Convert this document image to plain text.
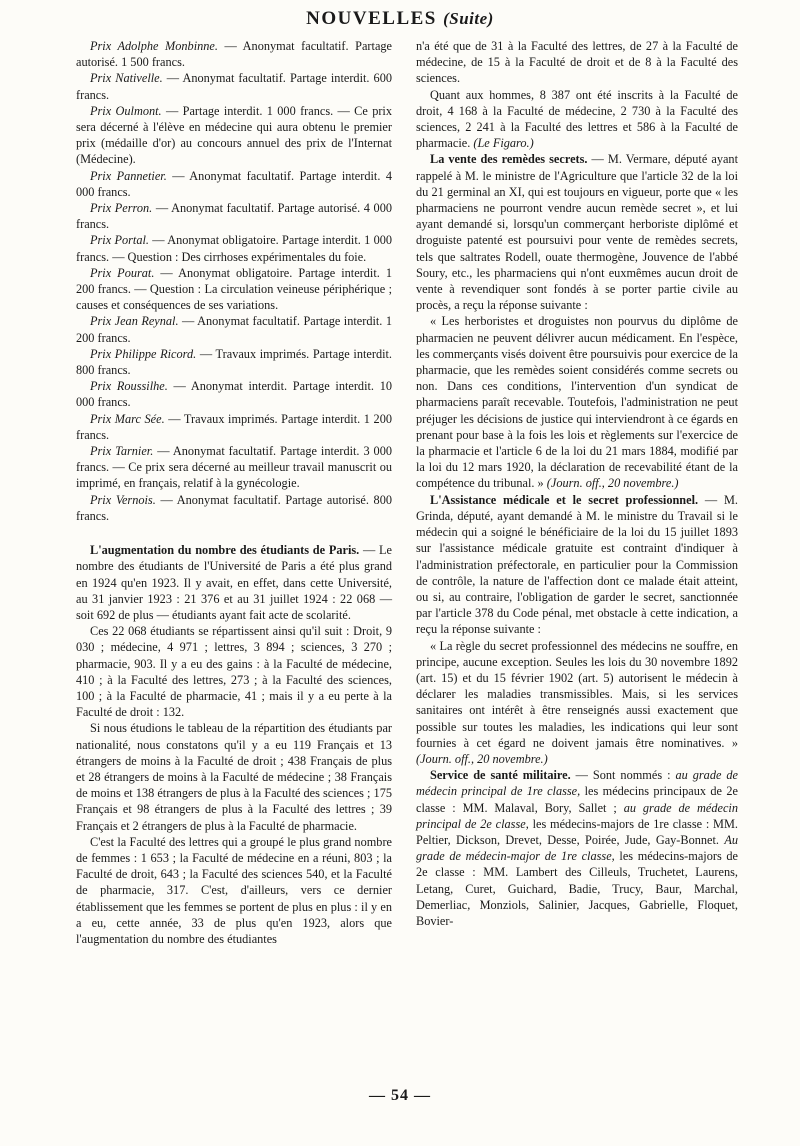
NOUVELLES (Suite)

Prix Adolphe Monbinne. — Anonymat facultatif. Partage autorisé. 1 500 francs.

Prix Nativelle. — Anonymat facultatif. Partage interdit. 600 francs.

Prix Oulmont. — Partage interdit. 1 000 francs. — Ce prix sera décerné à l'élève en médecine qui aura obtenu le premier prix (médaille d'or) au concours annuel des prix de l'Internat (Médecine).

Prix Pannetier. — Anonymat facultatif. Partage interdit. 4 000 francs.

Prix Perron. — Anonymat facultatif. Partage autorisé. 4 000 francs.

Prix Portal. — Anonymat obligatoire. Partage interdit. 1 000 francs. — Question : Des cirrhoses expérimentales du foie.

Prix Pourat. — Anonymat obligatoire. Partage interdit. 1 200 francs. — Question : La circulation veineuse périphérique ; causes et conséquences de ses variations.

Prix Jean Reynal. — Anonymat facultatif. Partage interdit. 1 200 francs.

Prix Philippe Ricord. — Travaux imprimés. Partage interdit. 800 francs.

Prix Roussilhe. — Anonymat interdit. Partage interdit. 10 000 francs.

Prix Marc Sée. — Travaux imprimés. Partage interdit. 1 200 francs.

Prix Tarnier. — Anonymat facultatif. Partage interdit. 3 000 francs. — Ce prix sera décerné au meilleur travail manuscrit ou imprimé, en français, relatif à la gynécologie.

Prix Vernois. — Anonymat facultatif. Partage autorisé. 800 francs.

L'augmentation du nombre des étudiants de Paris. — Le nombre des étudiants de l'Université de Paris a été plus grand en 1924 qu'en 1923. Il y avait, en effet, dans cette Université, au 31 janvier 1923 : 21 376 et au 31 juillet 1924 : 22 068 — soit 692 de plus — étudiants ayant fait acte de scolarité.

Ces 22 068 étudiants se répartissent ainsi qu'il suit : Droit, 9 030 ; médecine, 4 971 ; lettres, 3 894 ; sciences, 3 270 ; pharmacie, 903. Il y a eu des gains : à la Faculté de médecine, 410 ; à la Faculté des lettres, 273 ; à la Faculté des sciences, 100 ; à la Faculté de pharmacie, 41 ; mais il y a eu perte à la Faculté de droit : 132.

Si nous étudions le tableau de la répartition des étudiants par nationalité, nous constatons qu'il y a eu 119 Français et 13 étrangers de moins à la Faculté de droit ; 438 Français de plus et 28 étrangers de moins à la Faculté de médecine ; 38 Français de moins et 138 étrangers de plus à la Faculté des sciences ; 175 Français et 98 étrangers de plus à la Faculté des lettres ; 39 Français et 2 étrangers de plus à la Faculté de pharmacie.

C'est la Faculté des lettres qui a groupé le plus grand nombre de femmes : 1 653 ; la Faculté de médecine en a réuni, 803 ; la Faculté de droit, 643 ; la Faculté des sciences 540, et la Faculté de pharmacie, 317. C'est, d'ailleurs, vers ce dernier établissement que les femmes se portent de plus en plus : il y en a eu, cette année, 33 de plus qu'en 1923, alors que l'augmentation du nombre des étudiantes

n'a été que de 31 à la Faculté des lettres, de 27 à la Faculté de médecine, de 15 à la Faculté de droit et de 8 à la Faculté des sciences.

Quant aux hommes, 8 387 ont été inscrits à la Faculté de droit, 4 168 à la Faculté de médecine, 2 730 à la Faculté des sciences, 2 241 à la Faculté des lettres et 586 à la Faculté de pharmacie. (Le Figaro.)

La vente des remèdes secrets. — M. Vermare, député ayant rappelé à M. le ministre de l'Agriculture que l'article 32 de la loi du 21 germinal an XI, qui est toujours en vigueur, porte que « les pharmaciens ne pourront vendre aucun remède secret », et lui ayant demandé si, lorsqu'un commerçant herboriste diplômé et droguiste patenté est poursuivi pour vente de remèdes secrets, tels que saltrates Rodell, ouate thermogène, Jouvence de l'abbé Soury, etc., les pharmaciens qui n'ont euxmêmes aucun droit de vente à revendiquer sont fondés à se porter partie civile au procès, a reçu la réponse suivante :

« Les herboristes et droguistes non pourvus du diplôme de pharmacien ne peuvent délivrer aucun médicament. En l'espèce, les commerçants visés doivent être poursuivis pour exercice de la pharmacie, que les remèdes soient considérés comme secrets ou non. Dans ces conditions, l'intervention d'un syndicat de pharmaciens paraît recevable. Toutefois, l'administration ne peut préjuger les décisions de justice qui interviendront à ce égards en prenant pour base à la fois les lois et règlements sur l'exercice de la pharmacie et l'article 6 de la loi du 21 mars 1884, modifié par la loi du 12 mars 1920, la déclaration de recevabilité étant de la compétence du tribunal. » (Journ. off., 20 novembre.)

L'Assistance médicale et le secret professionnel. — M. Grinda, député, ayant demandé à M. le ministre du Travail si le médecin qui a soigné le bénéficiaire de la loi du 15 juillet 1893 sur l'assistance médicale gratuite est contraint d'indiquer à l'administration préfectorale, en particulier pour la Commission de contrôle, la nature de l'affection dont ce malade était atteint, ou si, au contraire, l'obligation de garder le secret, sanctionnée par l'article 378 du Code pénal, met obstacle à cette indication, a reçu la réponse suivante :

« La règle du secret professionnel des médecins ne souffre, en principe, aucune exception. Seules les lois du 30 novembre 1892 (art. 15) et du 15 février 1902 (art. 5) autorisent le médecin à déclarer les maladies transmissibles. Mais, si les services sanitaires ont intérêt à être renseignés aussi exactement que possible sur toutes les maladies, les indications qui leur sont fournies à cet égard ne doivent jamais être nominatives. » (Journ. off., 20 novembre.)

Service de santé militaire. — Sont nommés : au grade de médecin principal de 1re classe, les médecins principaux de 2e classe : MM. Malaval, Bory, Sallet ; au grade de médecin principal de 2e classe, les médecins-majors de 1re classe : MM. Peltier, Dickson, Drevet, Desse, Poirée, Jude, Gay-Bonnet. Au grade de médecin-major de 1re classe, les médecins-majors de 2e classe : MM. Lambert des Cilleuls, Truchetet, Laurens, Letang, Curet, Guichard, Badie, Trucy, Baur, Marchal, Demerliac, Monziols, Salinier, Jacques, Gabrielle, Floquet, Bovier-

— 54 —
